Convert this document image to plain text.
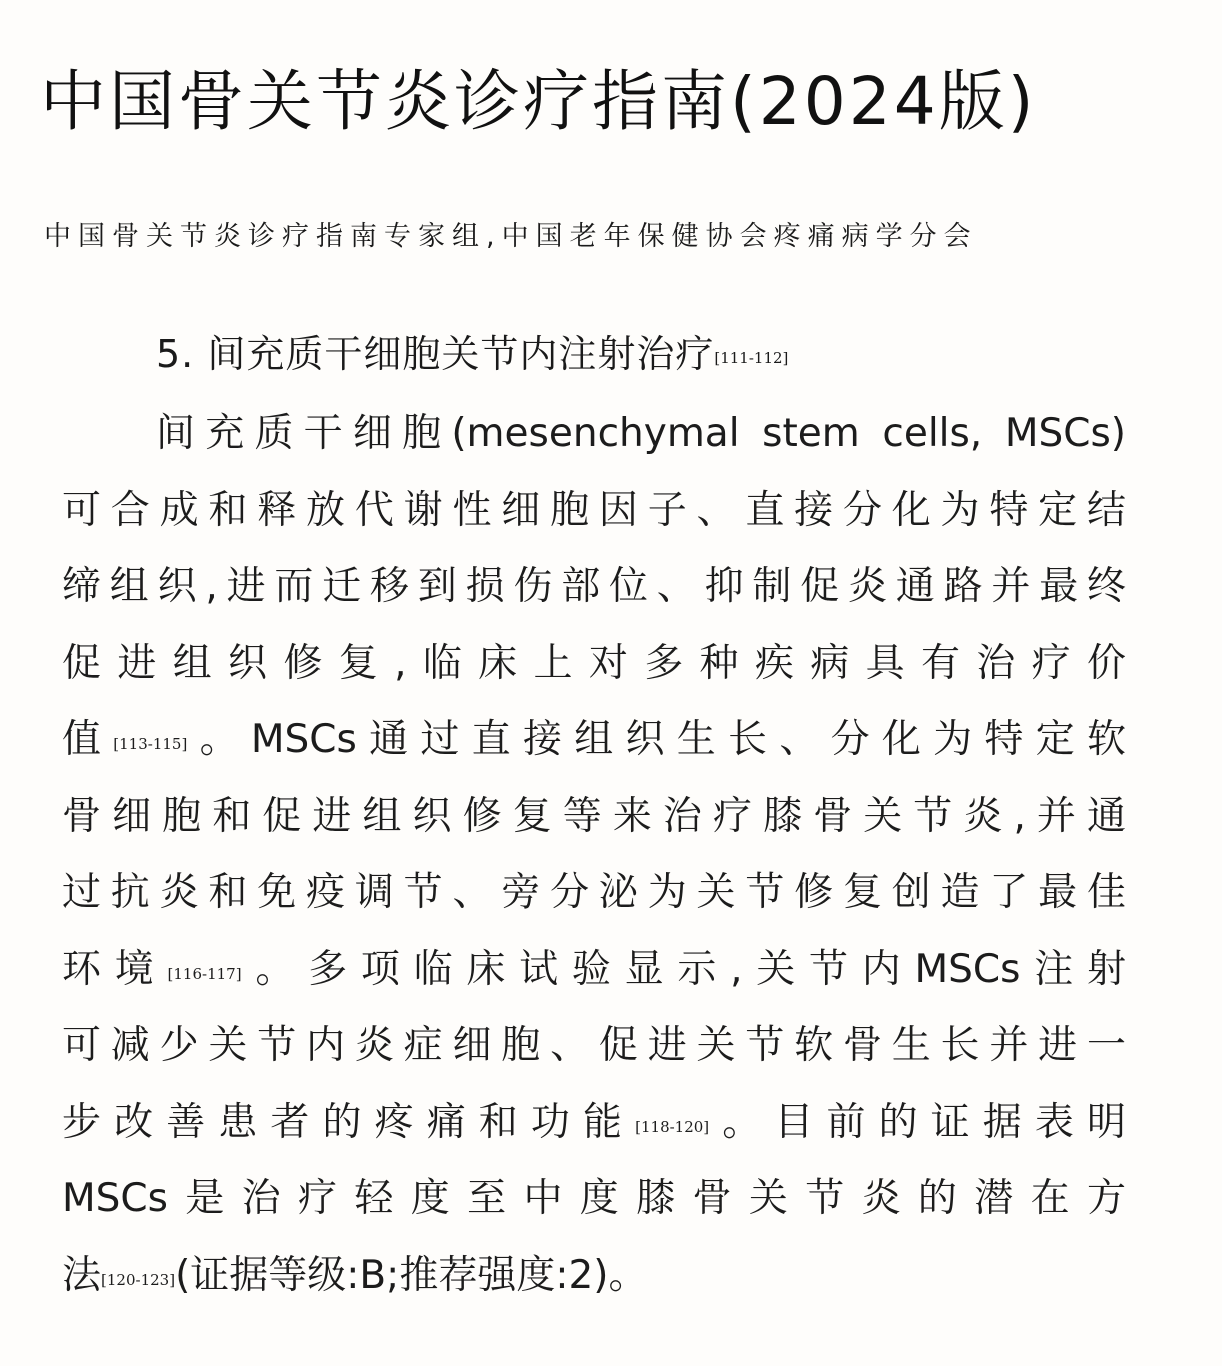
中国骨关节炎诊疗指南(2024版)
中国骨关节炎诊疗指南专家组,中国老年保健协会疼痛病学分会
5. 间充质干细胞关节内注射治疗[111-112]
间充质干细胞(mesenchymal stem cells, MSCs)
可合成和释放代谢性细胞因子、直接分化为特定结
缔组织,进而迁移到损伤部位、抑制促炎通路并最终
促进组织修复,临床上对多种疾病具有治疗价
值[113-115]。MSCs通过直接组织生长、分化为特定软
骨细胞和促进组织修复等来治疗膝骨关节炎,并通
过抗炎和免疫调节、旁分泌为关节修复创造了最佳
环境[116-117]。多项临床试验显示,关节内MSCs注射
可减少关节内炎症细胞、促进关节软骨生长并进一
步改善患者的疼痛和功能[118-120]。目前的证据表明
MSCs是治疗轻度至中度膝骨关节炎的潜在方
法[120-123](证据等级:B;推荐强度:2)。
